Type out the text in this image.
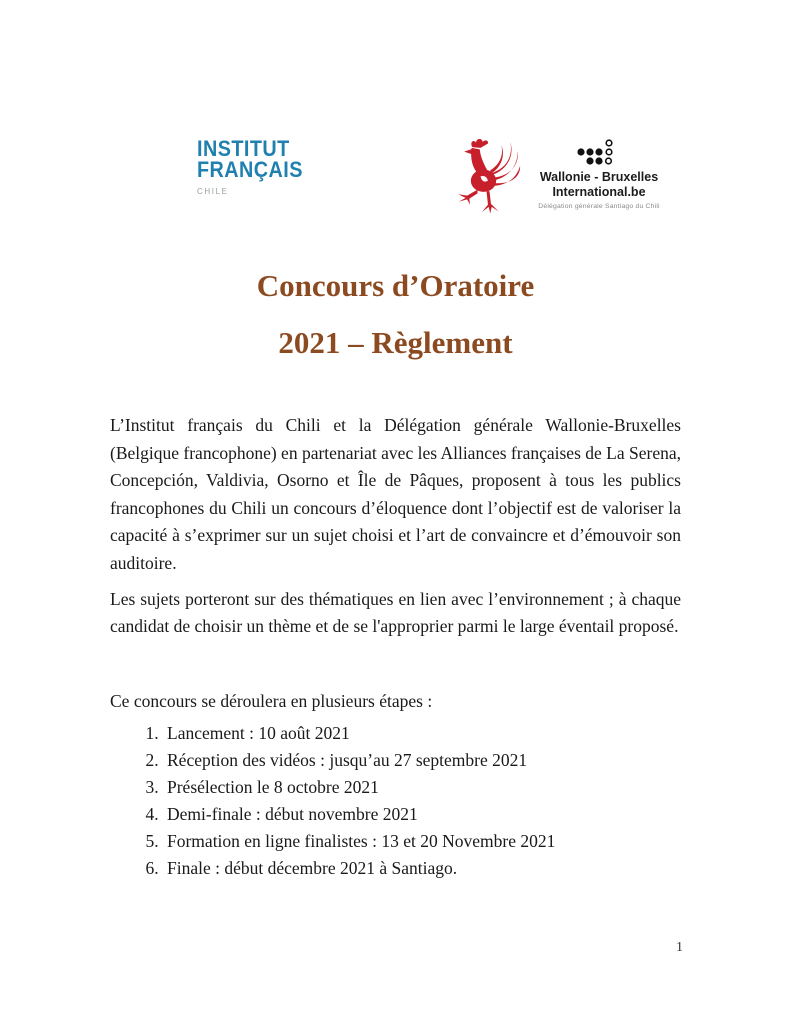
INSTITUT
FRANÇAIS
CHILE
Wallonie - Bruxelles
International.be
Délégation générale Santiago du Chili
Concours d’Oratoire
2021 – Règlement

L’Institut français du Chili et la Délégation générale Wallonie-Bruxelles (Belgique francophone) en partenariat avec les Alliances françaises de La Serena, Concepción, Valdivia, Osorno et Île de Pâques, proposent à tous les publics francophones du Chili un concours d’éloquence dont l’objectif est de valoriser la capacité à s’exprimer sur un sujet choisi et l’art de convaincre et d’émouvoir son auditoire.

Les sujets porteront sur des thématiques en lien avec l’environnement ; à chaque candidat de choisir un thème et de se l'approprier parmi le large éventail proposé.

Ce concours se déroulera en plusieurs étapes :

1. Lancement : 10 août 2021
2. Réception des vidéos : jusqu’au 27 septembre 2021
3. Présélection le 8 octobre 2021
4. Demi-finale : début novembre 2021
5. Formation en ligne finalistes : 13 et 20 Novembre 2021
6. Finale : début décembre 2021 à Santiago.
1
